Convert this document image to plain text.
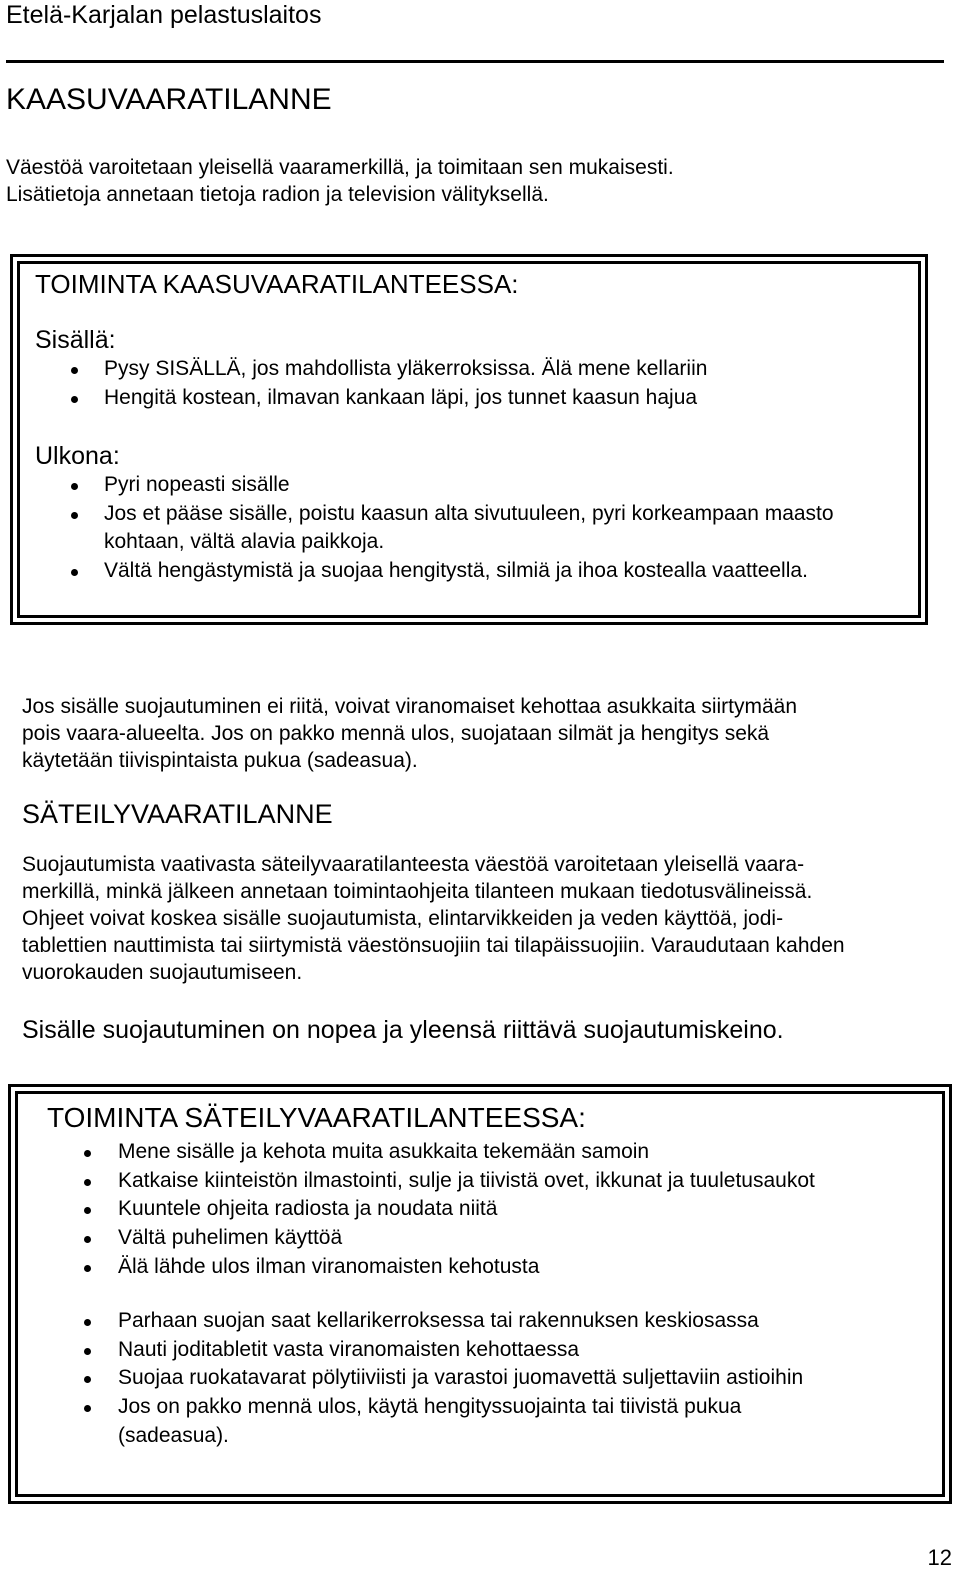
Etelä-Karjalan pelastuslaitos
KAASUVAARATILANNE
Väestöä varoitetaan yleisellä vaaramerkillä, ja toimitaan sen mukaisesti.
Lisätietoja annetaan tietoja radion ja television välityksellä.
TOIMINTA KAASUVAARATILANTEESSA:
Sisällä:
Pysy SISÄLLÄ, jos mahdollista yläkerroksissa. Älä mene kellariin
Hengitä kostean, ilmavan kankaan läpi, jos tunnet kaasun hajua
Ulkona:
Pyri nopeasti sisälle
Jos et pääse sisälle, poistu kaasun alta sivutuuleen, pyri korkeampaan maasto kohtaan, vältä alavia paikkoja.
Vältä hengästymistä ja suojaa hengitystä, silmiä ja ihoa kostealla vaatteella.
Jos sisälle suojautuminen ei riitä, voivat viranomaiset kehottaa asukkaita siirtymään
pois vaara-alueelta. Jos on pakko mennä ulos, suojataan silmät ja hengitys sekä
käytetään tiivispintaista pukua (sadeasua).
SÄTEILYVAARATILANNE
Suojautumista vaativasta säteilyvaaratilanteesta väestöä varoitetaan yleisellä vaara-
merkillä, minkä jälkeen annetaan toimintaohjeita tilanteen mukaan tiedotusvälineissä.
Ohjeet voivat koskea sisälle suojautumista, elintarvikkeiden ja veden käyttöä, jodi-
tablettien nauttimista tai siirtymistä väestönsuojiin tai tilapäissuojiin. Varaudutaan kahden
vuorokauden suojautumiseen.
Sisälle suojautuminen on nopea ja yleensä riittävä suojautumiskeino.
TOIMINTA SÄTEILYVAARATILANTEESSA:
Mene sisälle ja kehota muita asukkaita tekemään samoin
Katkaise kiinteistön ilmastointi, sulje ja tiivistä ovet, ikkunat ja tuuletusaukot
Kuuntele ohjeita radiosta ja noudata niitä
Vältä puhelimen käyttöä
Älä lähde ulos ilman viranomaisten kehotusta
Parhaan suojan saat kellarikerroksessa tai rakennuksen keskiosassa
Nauti joditabletit vasta viranomaisten kehottaessa
Suojaa ruokatavarat pölytiiviisti ja varastoi juomavettä suljettaviin astioihin
Jos on pakko mennä ulos, käytä hengityssuojainta tai tiivistä pukua (sadeasua).
12
